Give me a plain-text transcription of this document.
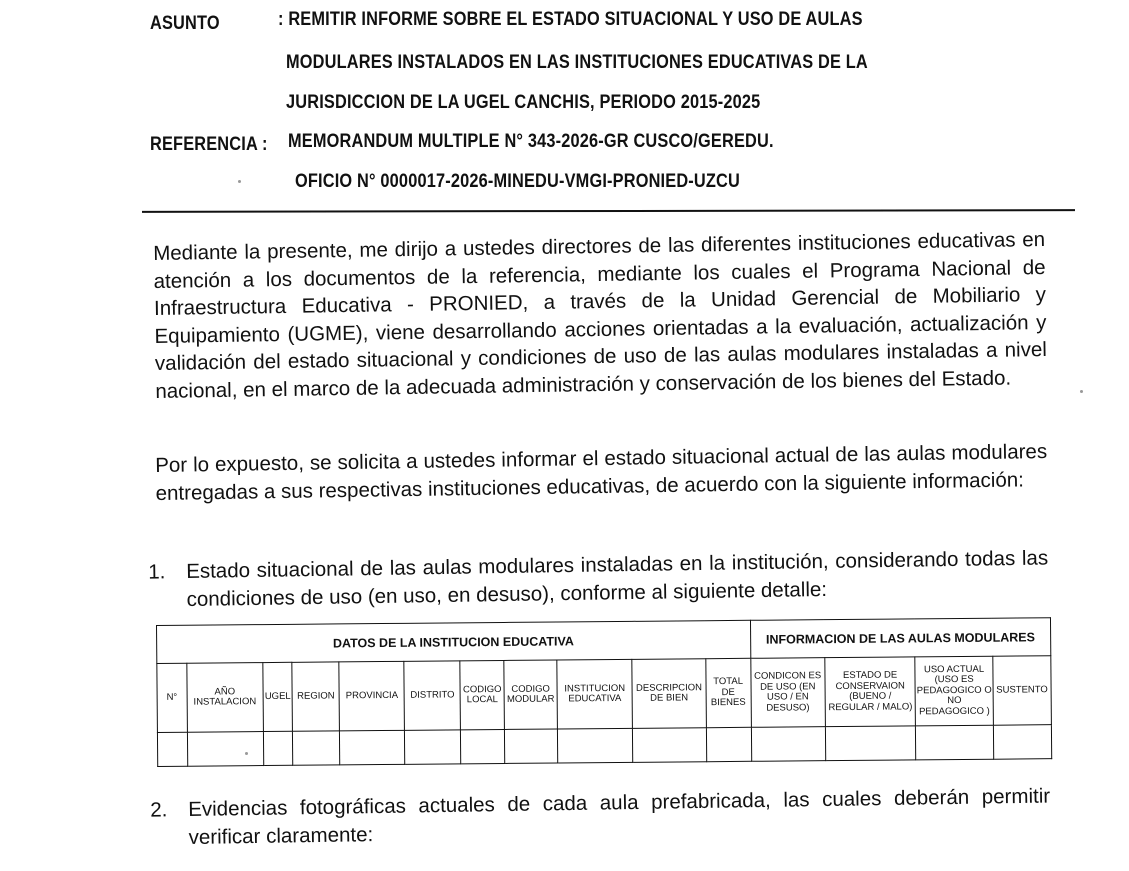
ASUNTO	: REMITIR INFORME SOBRE EL ESTADO SITUACIONAL Y USO DE AULAS
MODULARES INSTALADOS EN LAS INSTITUCIONES EDUCATIVAS DE LA
JURISDICCION DE LA UGEL CANCHIS, PERIODO 2015-2025
REFERENCIA : MEMORANDUM MULTIPLE N° 343-2026-GR CUSCO/GEREDU.
OFICIO N° 0000017-2026-MINEDU-VMGI-PRONIED-UZCU

Mediante la presente, me dirijo a ustedes directores de las diferentes instituciones educativas en atención a los documentos de la referencia, mediante los cuales el Programa Nacional de Infraestructura Educativa - PRONIED, a través de la Unidad Gerencial de Mobiliario y Equipamiento (UGME), viene desarrollando acciones orientadas a la evaluación, actualización y validación del estado situacional y condiciones de uso de las aulas modulares instaladas a nivel nacional, en el marco de la adecuada administración y conservación de los bienes del Estado.

Por lo expuesto, se solicita a ustedes informar el estado situacional actual de las aulas modulares entregadas a sus respectivas instituciones educativas, de acuerdo con la siguiente información:

1. Estado situacional de las aulas modulares instaladas en la institución, considerando todas las condiciones de uso (en uso, en desuso), conforme al siguiente detalle:
DATOS DE LA INSTITUCION EDUCATIVA											INFORMACION DE LAS AULAS MODULARES			
N°	AÑO INSTALACION	UGEL	REGION	PROVINCIA	DISTRITO	CODIGO LOCAL	CODIGO MODULAR	INSTITUCION EDUCATIVA	DESCRIPCION DE BIEN	TOTAL DE BIENES	CONDICON ES DE USO (EN USO / EN DESUSO)	ESTADO DE CONSERVAION (BUENO / REGULAR / MALO)	USO ACTUAL (USO ES PEDAGOGICO O NO PEDAGOGICO )	SUSTENTO

2. Evidencias fotográficas actuales de cada aula prefabricada, las cuales deberán permitir verificar claramente:
